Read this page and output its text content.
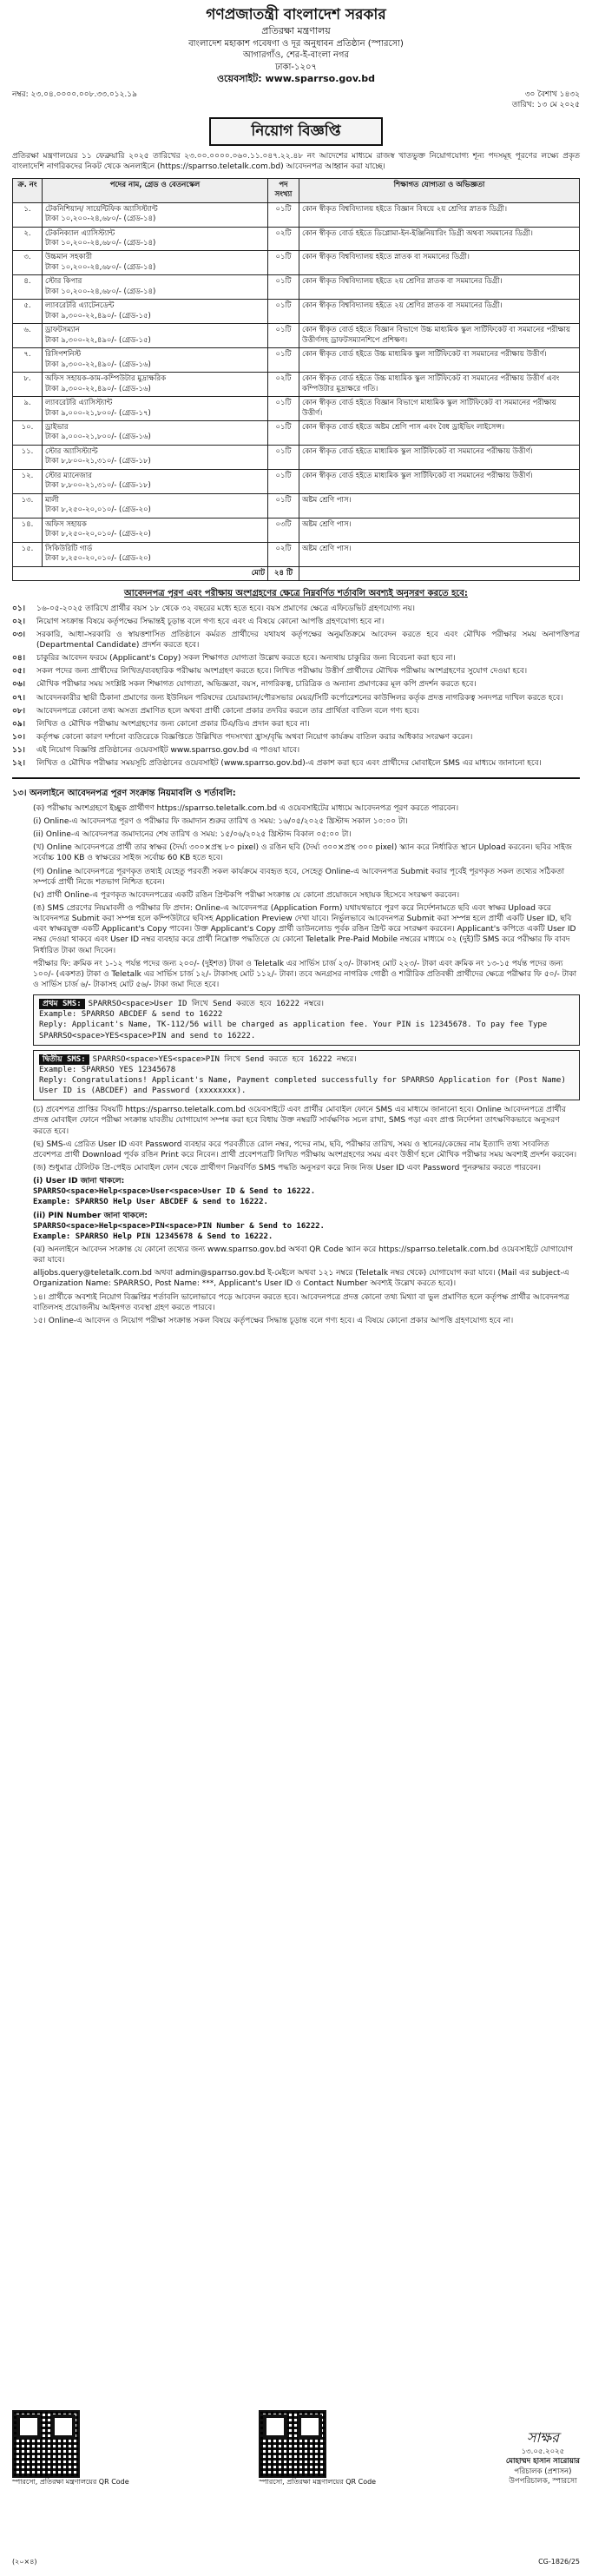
গণপ্রজাতন্ত্রী বাংলাদেশ সরকার
প্রতিরক্ষা মন্ত্রণালয়
বাংলাদেশ মহাকাশ গবেষণা ও দূর অনুধাবন প্রতিষ্ঠান (স্পারসো)
আগারগাঁও, শের-ই-বাংলা নগর
ঢাকা-১২০৭
ওয়েবসাইট: www.sparrso.gov.bd
নম্বর: ২৩.০৪.০০০০.০০৮.৩৩.০১২.১৯	৩০ বৈশাখ ১৪৩২
তারিখ: ১৩ মে ২০২৫
নিয়োগ বিজ্ঞপ্তি
প্রতিরক্ষা মন্ত্রণালয়ের ১১ ফেব্রুয়ারি ২০২৫ তারিখের ২৩.০০.০০০০.০৬০.১১.০৪৭.২২.৪৮ নং আদেশের মাধ্যমে রাজস্ব খাতভুক্ত নিয়োগযোগ্য শূন্য পদসমূহ পূরণের লক্ষ্যে প্রকৃত বাংলাদেশি নাগরিকদের নিকট থেকে অনলাইনে (https://sparrso.teletalk.com.bd) আবেদনপত্র আহ্বান করা যাচ্ছে।
ক্র. নং	পদের নাম, গ্রেড ও বেতনস্কেল	পদ সংখ্যা	শিক্ষাগত যোগ্যতা ও অভিজ্ঞতা
১.	টেকনিশিয়ান/ সায়েন্টিফিক অ্যাসিস্ট্যান্ট
টাকা ১০,২০০-২৪,৬৮০/- (গ্রেড-১৪)	০১টি	কোন স্বীকৃত বিশ্ববিদ্যালয় হইতে বিজ্ঞান বিষয়ে ২য় শ্রেণির স্নাতক ডিগ্রী।
২.	টেকনিক্যাল এ্যাসিস্ট্যান্ট
টাকা ১০,২০০-২৪,৬৮০/- (গ্রেড-১৪)	০২টি	কোন স্বীকৃত বোর্ড হইতে ডিপ্লোমা-ইন-ইঞ্জিনিয়ারিং ডিগ্রী অথবা সমমানের ডিগ্রী।
৩.	উচ্চমান সহকারী
টাকা ১০,২০০-২৪,৬৮০/- (গ্রেড-১৪)	০১টি	কোন স্বীকৃত বিশ্ববিদ্যালয় হইতে স্নাতক বা সমমানের ডিগ্রী।
৪.	স্টোর কিপার
টাকা ১০,২০০-২৪,৬৮০/- (গ্রেড-১৪)	০১টি	কোন স্বীকৃত বিশ্ববিদ্যালয় হইতে ২য় শ্রেণির স্নাতক বা সমমানের ডিগ্রী।
৫.	ল্যাবরেটরি এ্যাটেনডেন্ট
টাকা ৯,৩০০-২২,৪৯০/- (গ্রেড-১৫)	০১টি	কোন স্বীকৃত বিশ্ববিদ্যালয় হইতে ২য় শ্রেণির স্নাতক বা সমমানের ডিগ্রী।
৬.	ড্রাফটসম্যান
টাকা ৯,৩০০-২২,৪৯০/- (গ্রেড-১৫)	০১টি	কোন স্বীকৃত বোর্ড হইতে বিজ্ঞান বিভাগে উচ্চ মাধ্যমিক স্কুল সার্টিফিকেট বা সমমানের পরীক্ষায় উত্তীর্ণসহ ড্রাফটসম্যানশিপে প্রশিক্ষণ।
৭.	রিসিপশনিস্ট
টাকা ৯,৩০০-২২,৪৯০/- (গ্রেড-১৬)	০১টি	কোন স্বীকৃত বোর্ড হইতে উচ্চ মাধ্যমিক স্কুল সার্টিফিকেট বা সমমানের পরীক্ষায় উত্তীর্ণ।
৮.	অফিস সহায়ক-কাম-কম্পিউটার মুদ্রাক্ষরিক
টাকা ৯,৩০০-২২,৪৯০/- (গ্রেড-১৬)	০২টি	কোন স্বীকৃত বোর্ড হইতে উচ্চ মাধ্যমিক স্কুল সার্টিফিকেট বা সমমানের পরীক্ষায় উত্তীর্ণ এবং কম্পিউটার মুদ্রাক্ষরে গতি।
৯.	ল্যাবরেটরি এ্যাসিস্ট্যান্ট
টাকা ৯,০০০-২১,৮০০/- (গ্রেড-১৭)	০১টি	কোন স্বীকৃত বোর্ড হইতে বিজ্ঞান বিভাগে মাধ্যমিক স্কুল সার্টিফিকেট বা সমমানের পরীক্ষায় উত্তীর্ণ।
১০.	ড্রাইভার
টাকা ৯,০০০-২১,৮০০/- (গ্রেড-১৬)	০১টি	কোন স্বীকৃত বোর্ড হইতে অষ্টম শ্রেণি পাস এবং বৈধ ড্রাইভিং লাইসেন্স।
১১.	স্টোর অ্যাসিস্ট্যান্ট
টাকা ৮,৮০০-২১,৩১০/- (গ্রেড-১৮)	০১টি	কোন স্বীকৃত বোর্ড হইতে মাধ্যমিক স্কুল সার্টিফিকেট বা সমমানের পরীক্ষায় উত্তীর্ণ।
১২.	স্টোর ম্যানেজার
টাকা ৮,৮০০-২১,৩১০/- (গ্রেড-১৮)	০১টি	কোন স্বীকৃত বোর্ড হইতে মাধ্যমিক স্কুল সার্টিফিকেট বা সমমানের পরীক্ষায় উত্তীর্ণ।
১৩.	মালী
টাকা ৮,২৫০-২০,০১০/- (গ্রেড-২০)	০১টি	অষ্টম শ্রেণি পাস।
১৪.	অফিস সহায়ক
টাকা ৮,২৫০-২০,০১০/- (গ্রেড-২০)	০৩টি	অষ্টম শ্রেণি পাস।
১৫.	সিকিউরিটি গার্ড
টাকা ৮,২৫০-২০,০১০/- (গ্রেড-২০)	০২টি	অষ্টম শ্রেণি পাস।
মোট		২৪ টি	
আবেদনপত্র পূরণ এবং পরীক্ষায় অংশগ্রহণের ক্ষেত্রে নিম্নবর্ণিত শর্তাবলি অবশ্যই অনুসরণ করতে হবে:
০১।	১৬-০৫-২০২৫ তারিখে প্রার্থীর বয়স ১৮ থেকে ৩২ বছরের মধ্যে হতে হবে। বয়স প্রমাণের ক্ষেত্রে এফিডেভিট গ্রহণযোগ্য নয়।
০২।	নিয়োগ সংক্রান্ত বিষয়ে কর্তৃপক্ষের সিদ্ধান্তই চূড়ান্ত বলে গণ্য হবে এবং এ বিষয়ে কোনো আপত্তি গ্রহণযোগ্য হবে না।
০৩।	সরকারি, আধা-সরকারি ও স্বায়ত্তশাসিত প্রতিষ্ঠানে কর্মরত প্রার্থীদের যথাযথ কর্তৃপক্ষের অনুমতিক্রমে আবেদন করতে হবে এবং মৌখিক পরীক্ষার সময় অনাপত্তিপত্র (Departmental Candidate) প্রদর্শন করতে হবে।
০৪।	চাকুরির আবেদন ফরমে (Applicant's Copy) সকল শিক্ষাগত যোগ্যতা উল্লেখ করতে হবে। অন্যথায় চাকুরির জন্য বিবেচনা করা হবে না।
০৫।	সকল পদের জন্য প্রার্থীদের লিখিত/ব্যবহারিক পরীক্ষায় অংশগ্রহণ করতে হবে। লিখিত পরীক্ষায় উত্তীর্ণ প্রার্থীদের মৌখিক পরীক্ষায় অংশগ্রহণের সুযোগ দেওয়া হবে।
০৬।	মৌখিক পরীক্ষার সময় সংশ্লিষ্ট সকল শিক্ষাগত যোগ্যতা, অভিজ্ঞতা, বয়স, নাগরিকত্ব, চারিত্রিক ও অন্যান্য প্রমাণকের মূল কপি প্রদর্শন করতে হবে।
০৭।	আবেদনকারীর স্থায়ী ঠিকানা প্রমাণের জন্য ইউনিয়ন পরিষদের চেয়ারম্যান/পৌরসভার মেয়র/সিটি কর্পোরেশনের কাউন্সিলর কর্তৃক প্রদত্ত নাগরিকত্ব সনদপত্র দাখিল করতে হবে।
০৮।	আবেদনপত্রে কোনো তথ্য অসত্য প্রমাণিত হলে অথবা প্রার্থী কোনো প্রকার তদবির করলে তার প্রার্থিতা বাতিল বলে গণ্য হবে।
০৯।	লিখিত ও মৌখিক পরীক্ষায় অংশগ্রহণের জন্য কোনো প্রকার টিএ/ডিএ প্রদান করা হবে না।
১০।	কর্তৃপক্ষ কোনো কারণ দর্শানো ব্যতিরেকে বিজ্ঞপ্তিতে উল্লিখিত পদসংখ্যা হ্রাস/বৃদ্ধি অথবা নিয়োগ কার্যক্রম বাতিল করার অধিকার সংরক্ষণ করেন।
১১।	এই নিয়োগ বিজ্ঞপ্তি প্রতিষ্ঠানের ওয়েবসাইট www.sparrso.gov.bd এ পাওয়া যাবে।
১২।	লিখিত ও মৌখিক পরীক্ষার সময়সূচি প্রতিষ্ঠানের ওয়েবসাইট (www.sparrso.gov.bd)-এ প্রকাশ করা হবে এবং প্রার্থীদের মোবাইলে SMS এর মাধ্যমে জানানো হবে।
১৩। অনলাইনে আবেদনপত্র পূরণ সংক্রান্ত নিয়মাবলি ও শর্তাবলি:
(ক) পরীক্ষায় অংশগ্রহণে ইচ্ছুক প্রার্থীগণ https://sparrso.teletalk.com.bd এ ওয়েবসাইটের মাধ্যমে আবেদনপত্র পূরণ করতে পারবেন।
(i) Online-এ আবেদনপত্র পূরণ ও পরীক্ষার ফি জমাদান শুরুর তারিখ ও সময়: ১৬/০৫/২০২৫ খ্রিস্টাব্দ সকাল ১০:০০ টা।
(ii) Online-এ আবেদনপত্র জমাদানের শেষ তারিখ ও সময়: ১৫/০৬/২০২৫ খ্রিস্টাব্দ বিকাল ০৫:০০ টা।
(খ) Online আবেদনপত্রে প্রার্থী তার স্বাক্ষর (দৈর্ঘ্য ৩০০×প্রস্থ ৮০ pixel) ও রঙিন ছবি (দৈর্ঘ্য ৩০০×প্রস্থ ৩০০ pixel) স্ক্যান করে নির্ধারিত স্থানে Upload করবেন। ছবির সাইজ সর্বোচ্চ 100 KB ও স্বাক্ষরের সাইজ সর্বোচ্চ 60 KB হতে হবে।
(গ) Online আবেদনপত্রে পূরণকৃত তথ্যই যেহেতু পরবর্তী সকল কার্যক্রমে ব্যবহৃত হবে, সেহেতু Online-এ আবেদনপত্র Submit করার পূর্বেই পূরণকৃত সকল তথ্যের সঠিকতা সম্পর্কে প্রার্থী নিজে শতভাগ নিশ্চিত হবেন।
(ঘ) প্রার্থী Online-এ পূরণকৃত আবেদনপত্রের একটি রঙিন প্রিন্টকপি পরীক্ষা সংক্রান্ত যে কোনো প্রয়োজনে সহায়ক হিসেবে সংরক্ষণ করবেন।
(ঙ) SMS প্রেরণের নিয়মাবলী ও পরীক্ষার ফি প্রদান: Online-এ আবেদনপত্র (Application Form) যথাযথভাবে পূরণ করে নির্দেশনামতে ছবি এবং স্বাক্ষর Upload করে আবেদনপত্র Submit করা সম্পন্ন হলে কম্পিউটারে ছবিসহ Application Preview দেখা যাবে। নির্ভুলভাবে আবেদনপত্র Submit করা সম্পন্ন হলে প্রার্থী একটি User ID, ছবি এবং স্বাক্ষরযুক্ত একটি Applicant's Copy পাবেন। উক্ত Applicant's Copy প্রার্থী ডাউনলোড পূর্বক রঙিন প্রিন্ট করে সংরক্ষণ করবেন। Applicant's কপিতে একটি User ID নম্বর দেওয়া থাকবে এবং User ID নম্বর ব্যবহার করে প্রার্থী নিম্নোক্ত পদ্ধতিতে যে কোনো Teletalk Pre-Paid Mobile নম্বরের মাধ্যমে ০২ (দুই)টি SMS করে পরীক্ষার ফি বাবদ নির্ধারিত টাকা জমা দিবেন।
পরীক্ষার ফি: ক্রমিক নং ১-১২ পর্যন্ত পদের জন্য ২০০/- (দুইশত) টাকা ও Teletalk এর সার্ভিস চার্জ ২৩/- টাকাসহ মোট ২২৩/- টাকা এবং ক্রমিক নং ১৩-১৫ পর্যন্ত পদের জন্য ১০০/- (একশত) টাকা ও Teletalk এর সার্ভিস চার্জ ১২/- টাকাসহ মোট ১১২/- টাকা। তবে অনগ্রসর নাগরিক গোষ্ঠী ও শারীরিক প্রতিবন্ধী প্রার্থীদের ক্ষেত্রে পরীক্ষার ফি ৫০/- টাকা ও সার্ভিস চার্জ ৬/- টাকাসহ মোট ৫৬/- টাকা জমা দিতে হবে।
প্রথম SMS: SPARRSO<space>User ID লিখে Send করতে হবে 16222 নম্বরে।
Example: SPARRSO ABCDEF & send to 16222
Reply: Applicant's Name, TK-112/56 will be charged as application fee. Your PIN is 12345678. To pay fee Type SPARRSO<space>YES<space>PIN and send to 16222.
দ্বিতীয় SMS: SPARRSO<space>YES<space>PIN লিখে Send করতে হবে 16222 নম্বরে।
Example: SPARRSO YES 12345678
Reply: Congratulations! Applicant's Name, Payment completed successfully for SPARRSO Application for (Post Name) User ID is (ABCDEF) and Password (xxxxxxxx).
(চ) প্রবেশপত্র প্রাপ্তির বিষয়টি https://sparrso.teletalk.com.bd ওয়েবসাইটে এবং প্রার্থীর মোবাইল ফোনে SMS এর মাধ্যমে জানানো হবে। Online আবেদনপত্রে প্রার্থীর প্রদত্ত মোবাইল ফোনে পরীক্ষা সংক্রান্ত যাবতীয় যোগাযোগ সম্পন্ন করা হবে বিধায় উক্ত নম্বরটি সার্বক্ষণিক সচল রাখা, SMS পড়া এবং প্রাপ্ত নির্দেশনা তাৎক্ষণিকভাবে অনুসরণ করতে হবে।
(ছ) SMS-এ প্রেরিত User ID এবং Password ব্যবহার করে পরবর্তীতে রোল নম্বর, পদের নাম, ছবি, পরীক্ষার তারিখ, সময় ও স্থানের/কেন্দ্রের নাম ইত্যাদি তথ্য সংবলিত প্রবেশপত্র প্রার্থী Download পূর্বক রঙিন Print করে নিবেন। প্রার্থী প্রবেশপত্রটি লিখিত পরীক্ষায় অংশগ্রহণের সময় এবং উত্তীর্ণ হলে মৌখিক পরীক্ষার সময় অবশ্যই প্রদর্শন করবেন।
(জ) শুধুমাত্র টেলিটক প্রি-পেইড মোবাইল ফোন থেকে প্রার্থীগণ নিম্নবর্ণিত SMS পদ্ধতি অনুসরণ করে নিজ নিজ User ID এবং Password পুনরুদ্ধার করতে পারবেন।
(i) User ID জানা থাকলে:
SPARRSO<space>Help<space>User<space>User ID & Send to 16222.
Example: SPARRSO Help User ABCDEF & send to 16222.
(ii) PIN Number জানা থাকলে:
SPARRSO<space>Help<space>PIN<space>PIN Number & Send to 16222.
Example: SPARRSO Help PIN 12345678 & Send to 16222.
(ঝ) অনলাইনে আবেদন সংক্রান্ত যে কোনো তথ্যের জন্য www.sparrso.gov.bd অথবা QR Code স্ক্যান করে https://sparrso.teletalk.com.bd ওয়েবসাইটে যোগাযোগ করা যাবে।
alljobs.query@teletalk.com.bd অথবা admin@sparrso.gov.bd ই-মেইলে অথবা ১২১ নম্বরে (Teletalk নম্বর থেকে) যোগাযোগ করা যাবে। (Mail এর subject-এ Organization Name: SPARRSO, Post Name: ***, Applicant's User ID ও Contact Number অবশ্যই উল্লেখ করতে হবে)।
১৪। প্রার্থীকে অবশ্যই নিয়োগ বিজ্ঞপ্তির শর্তাবলি ভালোভাবে পড়ে আবেদন করতে হবে। আবেদনপত্রে প্রদত্ত কোনো তথ্য মিথ্যা বা ভুল প্রমাণিত হলে কর্তৃপক্ষ প্রার্থীর আবেদনপত্র বাতিলসহ প্রয়োজনীয় আইনগত ব্যবস্থা গ্রহণ করতে পারবে।
১৫। Online-এ আবেদন ও নিয়োগ পরীক্ষা সংক্রান্ত সকল বিষয়ে কর্তৃপক্ষের সিদ্ধান্ত চূড়ান্ত বলে গণ্য হবে। এ বিষয়ে কোনো প্রকার আপত্তি গ্রহণযোগ্য হবে না।
স্পারসো, প্রতিরক্ষা মন্ত্রণালয়ের QR Code	স্পারসো, প্রতিরক্ষা মন্ত্রণালয়ের QR Code
সাক্ষর
১৩.০৫.২০২৫
মোহাম্মদ হাসান সারোয়ার
পরিচালক (প্রশাসন)
উপপরিচালক, স্পারসো
(২০×৪)	CG-1826/25
